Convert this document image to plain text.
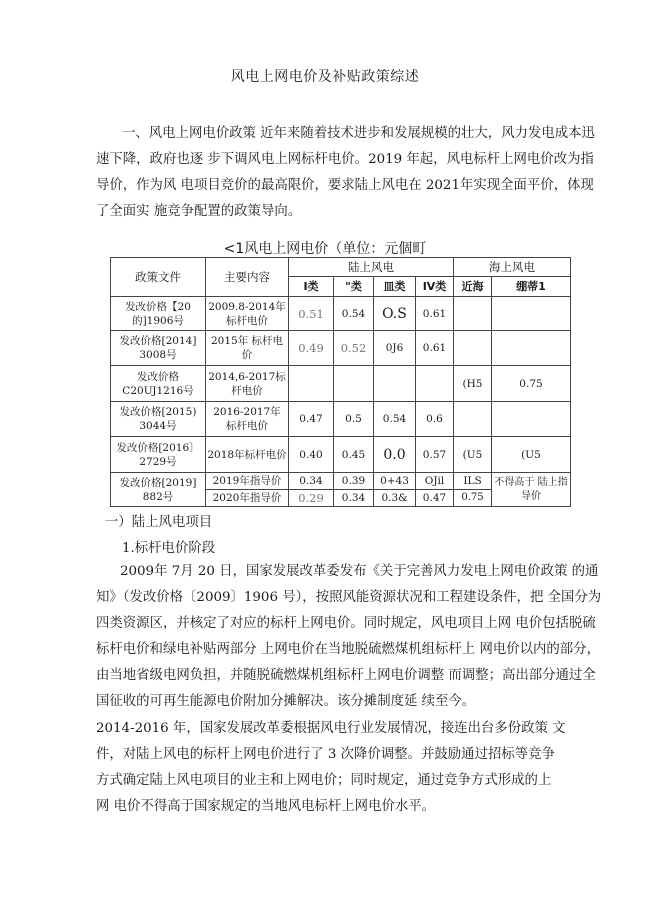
风电上网电价及补贴政策综述

一、风电上网电价政策 近年来随着技术进步和发展规模的壮大，风力发电成本迅

速下降，政府也逐 步下调风电上网标杆电价。2019 年起，风电标杆上网电价改为指

导价，作为风 电项目竞价的最高限价，要求陆上风电在 2021年实现全面平价，体现

了全面实 施竞争配置的政策导向。

<1风电上网电价（单位：元個町
政策文件	主要内容	陆上风电				海上风电	
		I类	"类	皿类	IV类	近海	绷蒂1
发改价格【20的]1906号	2009.8-2014年标杆电价	0.51	0.54	O.S	0.61		
发改价格[2014] 3008号	2015年 标杆电价	0.49	0.52	0J6	0.61		
发改价格C20UJ1216号	2014,6-2017标杆电价					(H5	0.75
发改价格[2015) 3044号	2016-2017年 标杆电价	0.47	0.5	0.54	0.6		
发改价格[2016〕2729号	2018年标杆电价	0.40	0.45	0.0	0.57	(U5	(U5
发改价格[2019] 882号	2019年指导价	0.34	0.39	0+43	OJil	ILS	不得高于 陆上指导价
	2020年指导价	0.29	0.34	0.3&	0.47	0.75	
一）陆上风电项目
1.标杆电价阶段

2009年 7月 20 日，国家发展改革委发布《关于完善风力发电上网电价政策 的通

知》（发改价格〔2009〕1906 号），按照风能资源状况和工程建设条件，把 全国分为

四类资源区，并核定了对应的标杆上网电价。同时规定，风电项目上网 电价包括脱硫

标杆电价和绿电补贴两部分 上网电价在当地脱硫燃煤机组标杆上 网电价以内的部分，

由当地省级电网负担，并随脱硫燃煤机组标杆上网电价调整 而调整；高出部分通过全

国征收的可再生能源电价附加分摊解决。该分摊制度延 续至今。

2014-2016 年，国家发展改革委根据风电行业发展情况，接连出台多份政策 文

件，对陆上风电的标杆上网电价进行了 3 次降价调整。并鼓励通过招标等竞争

方式确定陆上风电项目的业主和上网电价；同时规定，通过竞争方式形成的上

网 电价不得高于国家规定的当地风电标杆上网电价水平。
